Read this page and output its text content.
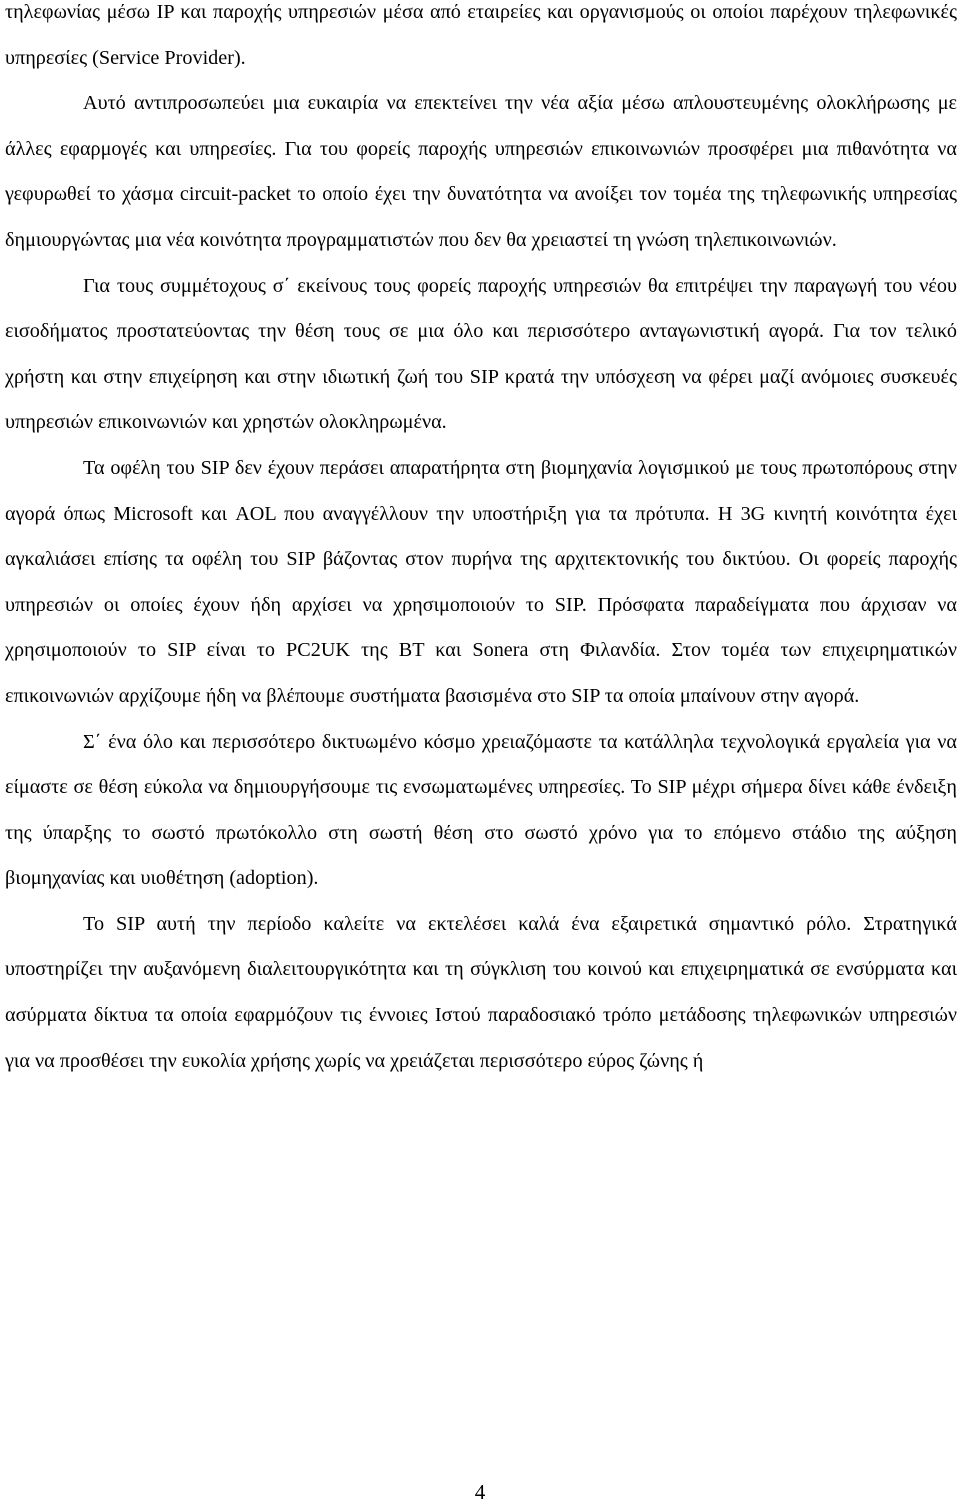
τηλεφωνίας μέσω IP και παροχής υπηρεσιών μέσα από εταιρείες και οργανισμούς οι οποίοι παρέχουν τηλεφωνικές υπηρεσίες (Service Provider).

Αυτό αντιπροσωπεύει μια ευκαιρία να επεκτείνει την νέα αξία μέσω απλουστευμένης ολοκλήρωσης με άλλες εφαρμογές και υπηρεσίες. Για του φορείς παροχής υπηρεσιών επικοινωνιών προσφέρει μια πιθανότητα να γεφυρωθεί το χάσμα circuit-packet το οποίο έχει την δυνατότητα να ανοίξει τον τομέα της τηλεφωνικής υπηρεσίας δημιουργώντας μια νέα κοινότητα προγραμματιστών που δεν θα χρειαστεί τη γνώση τηλεπικοινωνιών.

Για τους συμμέτοχους σ΄ εκείνους τους φορείς παροχής υπηρεσιών θα επιτρέψει την παραγωγή του νέου εισοδήματος προστατεύοντας την θέση τους σε μια όλο και περισσότερο ανταγωνιστική αγορά. Για τον τελικό χρήστη και στην επιχείρηση και στην ιδιωτική ζωή του SIP κρατά την υπόσχεση να φέρει μαζί ανόμοιες συσκευές υπηρεσιών επικοινωνιών και χρηστών ολοκληρωμένα.

Τα οφέλη του SIP δεν έχουν περάσει απαρατήρητα στη βιομηχανία λογισμικού με τους πρωτοπόρους στην αγορά όπως Microsoft και AOL που αναγγέλλουν την υποστήριξη για τα πρότυπα. Η 3G κινητή κοινότητα έχει αγκαλιάσει επίσης τα οφέλη του SIP βάζοντας στον πυρήνα της αρχιτεκτονικής του δικτύου. Οι φορείς παροχής υπηρεσιών οι οποίες έχουν ήδη αρχίσει να χρησιμοποιούν το SIP. Πρόσφατα παραδείγματα που άρχισαν να χρησιμοποιούν το SIP είναι το PC2UK της BT και Sonera στη Φιλανδία. Στον τομέα των επιχειρηματικών επικοινωνιών αρχίζουμε ήδη να βλέπουμε συστήματα βασισμένα στο SIP τα οποία μπαίνουν στην αγορά.

Σ΄ ένα όλο και περισσότερο δικτυωμένο κόσμο χρειαζόμαστε τα κατάλληλα τεχνολογικά εργαλεία για να είμαστε σε θέση εύκολα να δημιουργήσουμε τις ενσωματωμένες υπηρεσίες. Το SIP μέχρι σήμερα δίνει κάθε ένδειξη της ύπαρξης το σωστό πρωτόκολλο στη σωστή θέση στο σωστό χρόνο για το επόμενο στάδιο της αύξηση βιομηχανίας και υιοθέτηση (adoption).

Το SIP αυτή την περίοδο καλείτε να εκτελέσει καλά ένα εξαιρετικά σημαντικό ρόλο. Στρατηγικά υποστηρίζει την αυξανόμενη διαλειτουργικότητα και τη σύγκλιση του κοινού και επιχειρηματικά σε ενσύρματα και ασύρματα δίκτυα τα οποία εφαρμόζουν τις έννοιες Ιστού παραδοσιακό τρόπο μετάδοσης τηλεφωνικών υπηρεσιών για να προσθέσει την ευκολία χρήσης χωρίς να χρειάζεται περισσότερο εύρος ζώνης ή

4
